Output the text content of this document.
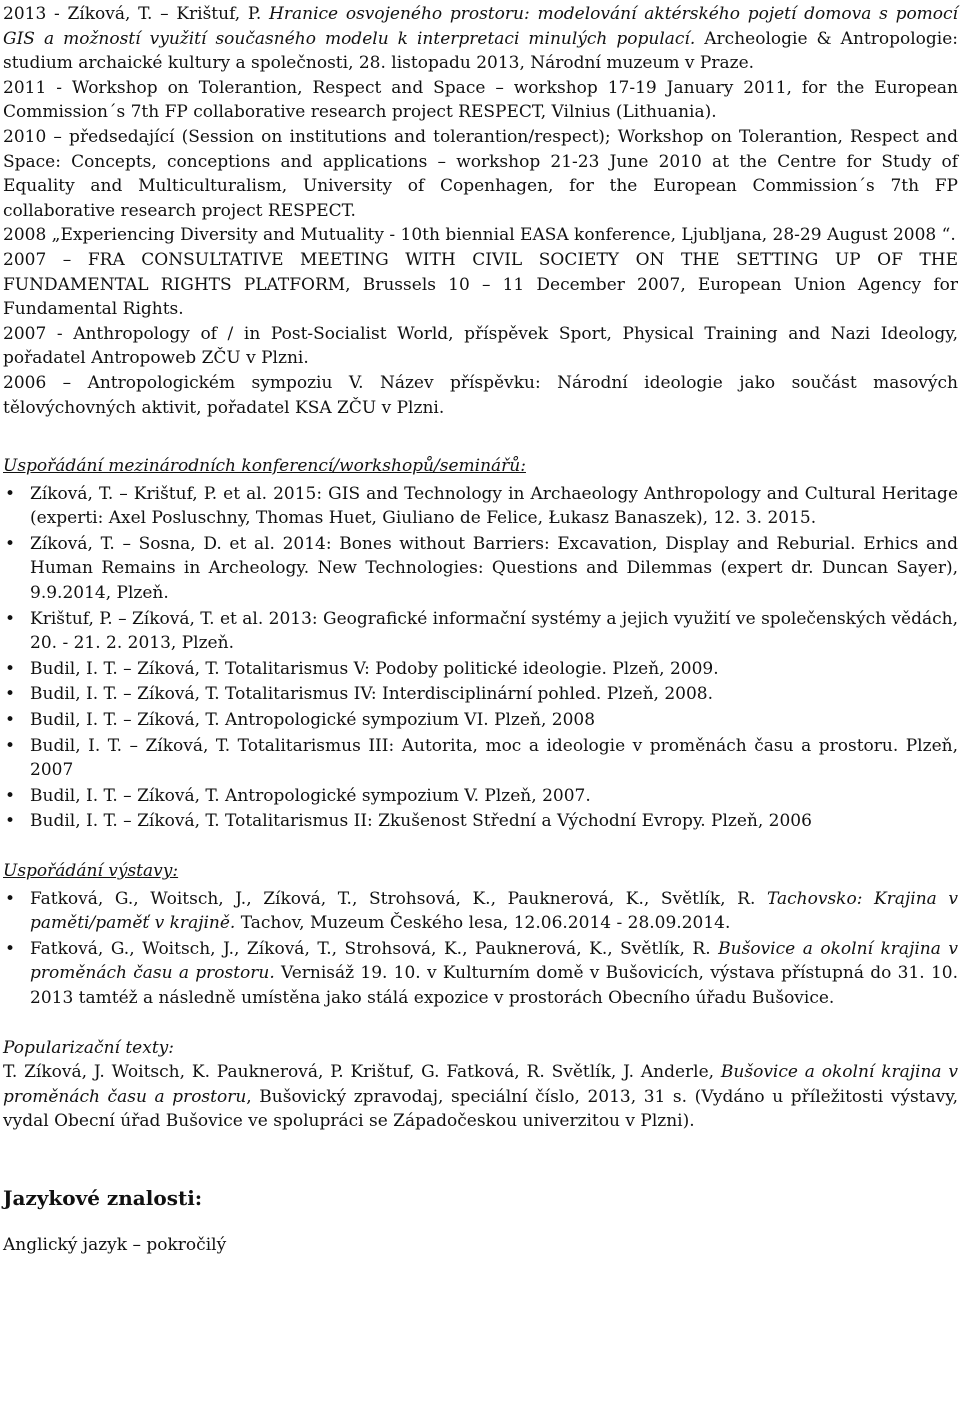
2013 - Zíková, T. – Krištuf, P. Hranice osvojeného prostoru: modelování aktérského pojetí domova s pomocí GIS a možností využití současného modelu k interpretaci minulých populací. Archeologie & Antropologie: studium archaické kultury a společnosti, 28. listopadu 2013, Národní muzeum v Praze.

2011 - Workshop on Tolerantion, Respect and Space – workshop 17-19 January 2011, for the European Commission´s 7th FP collaborative research project RESPECT, Vilnius (Lithuania).

2010 – předsedající (Session on institutions and tolerantion/respect); Workshop on Tolerantion, Respect and Space: Concepts, conceptions and applications – workshop 21-23 June 2010 at the Centre for Study of Equality and Multiculturalism, University of Copenhagen, for the European Commission´s 7th FP collaborative research project RESPECT.

2008 „Experiencing Diversity and Mutuality - 10th biennial EASA konference, Ljubljana, 28-29 August 2008 “.

2007 – FRA CONSULTATIVE MEETING WITH CIVIL SOCIETY ON THE SETTING UP OF THE FUNDAMENTAL RIGHTS PLATFORM, Brussels 10 – 11 December 2007, European Union Agency for Fundamental Rights.

2007 - Anthropology of / in Post-Socialist World, příspěvek Sport, Physical Training and Nazi Ideology, pořadatel Antropoweb ZČU v Plzni.

2006 – Antropologickém sympoziu V. Název příspěvku: Národní ideologie jako součást masových tělovýchovných aktivit, pořadatel KSA ZČU v Plzni.

Uspořádání mezinárodních konferencí/workshopů/seminářů:

• Zíková, T. – Krištuf, P. et al. 2015: GIS and Technology in Archaeology Anthropology and Cultural Heritage (experti: Axel Posluschny, Thomas Huet, Giuliano de Felice, Łukasz Banaszek), 12. 3. 2015.
• Zíková, T. – Sosna, D. et al. 2014: Bones without Barriers: Excavation, Display and Reburial. Erhics and Human Remains in Archeology. New Technologies: Questions and Dilemmas (expert dr. Duncan Sayer), 9.9.2014, Plzeň.
• Krištuf, P. – Zíková, T. et al. 2013: Geografické informační systémy a jejich využití ve společenských vědách, 20. - 21. 2. 2013, Plzeň.
• Budil, I. T. – Zíková, T. Totalitarismus V: Podoby politické ideologie. Plzeň, 2009.
• Budil, I. T. – Zíková, T. Totalitarismus IV: Interdisciplinární pohled. Plzeň, 2008.
• Budil, I. T. – Zíková, T. Antropologické sympozium VI. Plzeň, 2008
• Budil, I. T. – Zíková, T. Totalitarismus III: Autorita, moc a ideologie v proměnách času a prostoru. Plzeň, 2007
• Budil, I. T. – Zíková, T. Antropologické sympozium V. Plzeň, 2007.
• Budil, I. T. – Zíková, T. Totalitarismus II: Zkušenost Střední a Východní Evropy. Plzeň, 2006

Uspořádání výstavy:

• Fatková, G., Woitsch, J., Zíková, T., Strohsová, K., Pauknerová, K., Světlík, R. Tachovsko: Krajina v paměti/paměť v krajině. Tachov, Muzeum Českého lesa, 12.06.2014 - 28.09.2014.
• Fatková, G., Woitsch, J., Zíková, T., Strohsová, K., Pauknerová, K., Světlík, R. Bušovice a okolní krajina v proměnách času a prostoru. Vernisáž 19. 10. v Kulturním domě v Bušovicích, výstava přístupná do 31. 10. 2013 tamtéž a následně umístěna jako stálá expozice v prostorách Obecního úřadu Bušovice.

Popularizační texty:

T. Zíková, J. Woitsch, K. Pauknerová, P. Krištuf, G. Fatková, R. Světlík, J. Anderle, Bušovice a okolní krajina v proměnách času a prostoru, Bušovický zpravodaj, speciální číslo, 2013, 31 s. (Vydáno u příležitosti výstavy, vydal Obecní úřad Bušovice ve spolupráci se Západočeskou univerzitou v Plzni).

Jazykové znalosti:

Anglický jazyk – pokročilý
